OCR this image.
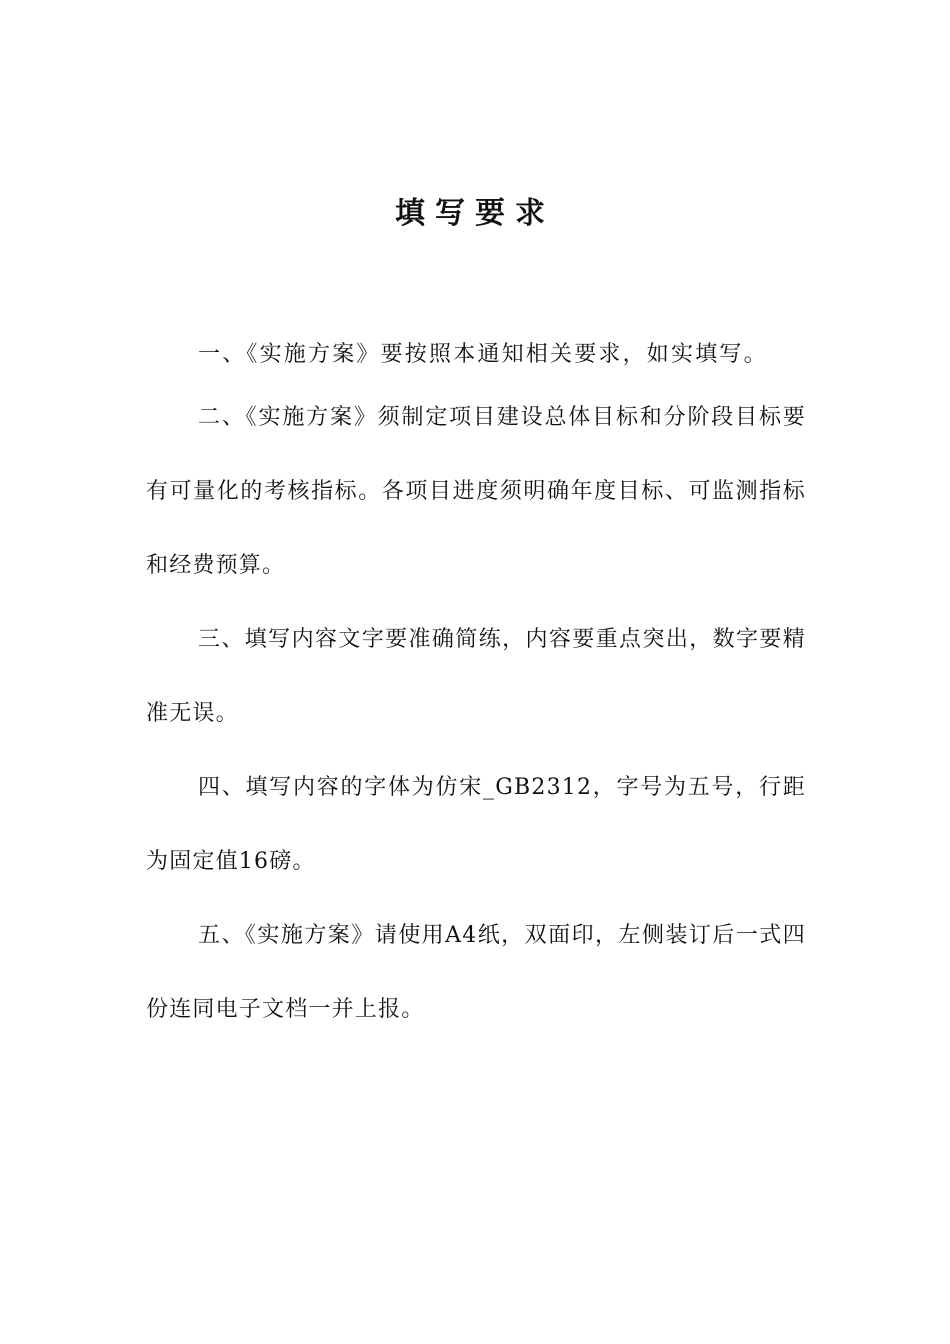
填写要求

一、《实施方案》要按照本通知相关要求，如实填写。

二、《实施方案》须制定项目建设总体目标和分阶段目标要有可量化的考核指标。各项目进度须明确年度目标、可监测指标和经费预算。

三、填写内容文字要准确简练，内容要重点突出，数字要精准无误。

四、填写内容的字体为仿宋_GB2312，字号为五号，行距为固定值16磅。

五、《实施方案》请使用A4纸，双面印，左侧装订后一式四份连同电子文档一并上报。
